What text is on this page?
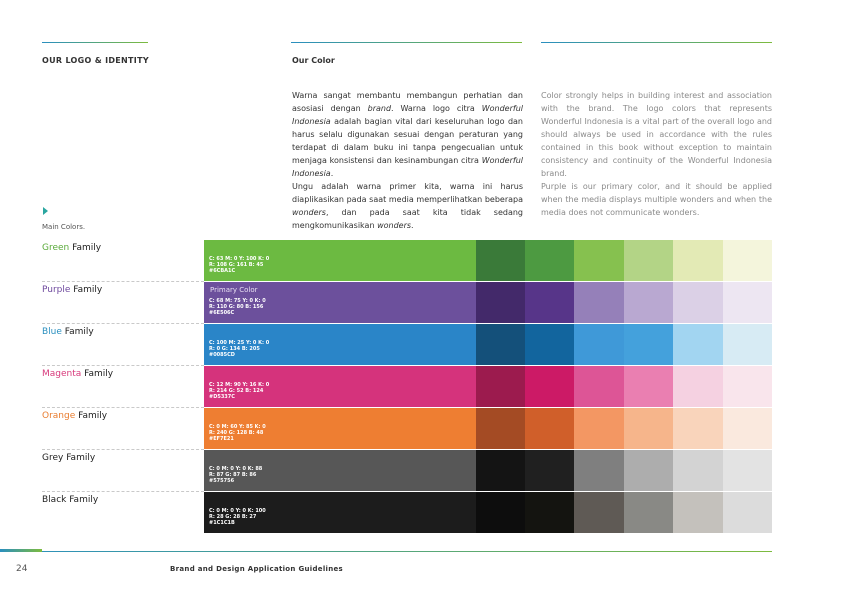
OUR LOGO & IDENTITY	Our Color
Warna sangat membantu membangun perhatian dan asosiasi dengan brand. Warna logo citra Wonderful Indonesia adalah bagian vital dari keseluruhan logo dan harus selalu digunakan sesuai dengan peraturan yang terdapat di dalam buku ini tanpa pengecualian untuk menjaga konsistensi dan kesinambungan citra Wonderful Indonesia.
Ungu adalah warna primer kita, warna ini harus diaplikasikan pada saat media memperlihatkan beberapa wonders, dan pada saat kita tidak sedang mengkomunikasikan wonders.
Color strongly helps in building interest and association with the brand. The logo colors that represents Wonderful Indonesia is a vital part of the overall logo and should always be used in accordance with the rules contained in this book without exception to maintain consistency and continuity of the Wonderful Indonesia brand.
Purple is our primary color, and it should be applied when the media displays multiple wonders and when the media does not communicate wonders.
Main Colors.
Green Family
C: 63 M: 0 Y: 100 K: 0
R: 108 G: 161 B: 45
#6CBA1C
Purple Family
C: 68 M: 75 Y: 0 K: 0
R: 110 G: 80 B: 156
#6E506C
Blue Family
C: 100 M: 25 Y: 0 K: 0
R: 0 G: 134 B: 205
#0085CD
Magenta Family
C: 12 M: 90 Y: 16 K: 0
R: 214 G: 52 B: 124
#D5337C
Orange Family
C: 0 M: 60 Y: 85 K: 0
R: 240 G: 128 B: 48
#EF7E21
Grey Family
C: 0 M: 0 Y: 0 K: 88
R: 87 G: 87 B: 86
#575756
Black Family
C: 0 M: 0 Y: 0 K: 100
R: 28 G: 28 B: 27
#1C1C1B
Primary Color
24	Brand and Design Application Guidelines
